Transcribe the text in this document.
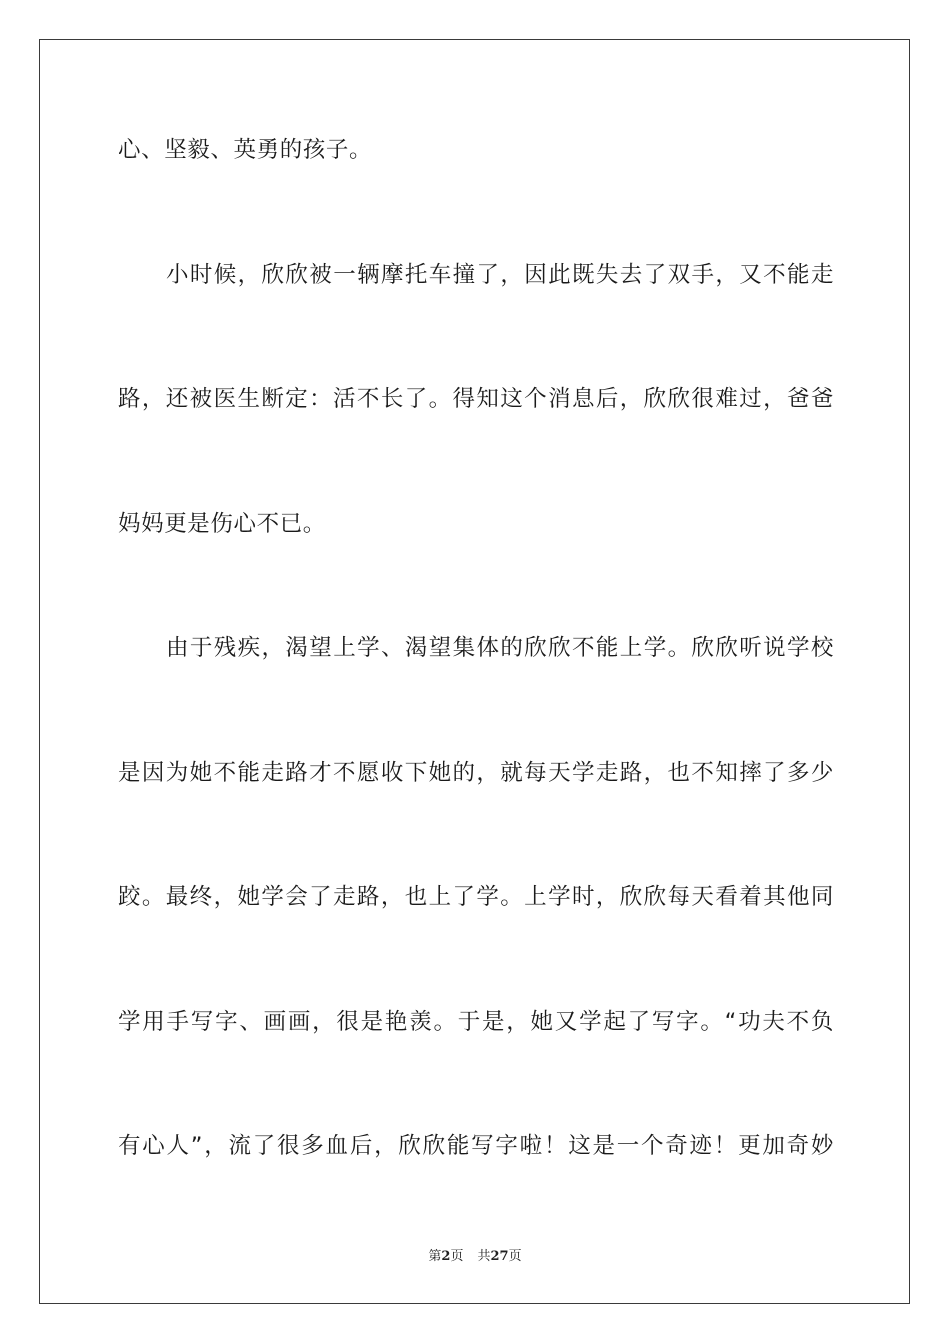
心、坚毅、英勇的孩子。
小时候，欣欣被一辆摩托车撞了，因此既失去了双手，又不能走
路，还被医生断定：活不长了。得知这个消息后，欣欣很难过，爸爸
妈妈更是伤心不已。
由于残疾，渴望上学、渴望集体的欣欣不能上学。欣欣听说学校
是因为她不能走路才不愿收下她的，就每天学走路，也不知摔了多少
跤。最终，她学会了走路，也上了学。上学时，欣欣每天看着其他同
学用手写字、画画，很是艳羡。于是，她又学起了写字。“功夫不负
有心人”，流了很多血后，欣欣能写字啦！这是一个奇迹！更加奇妙
第2页 共27页
